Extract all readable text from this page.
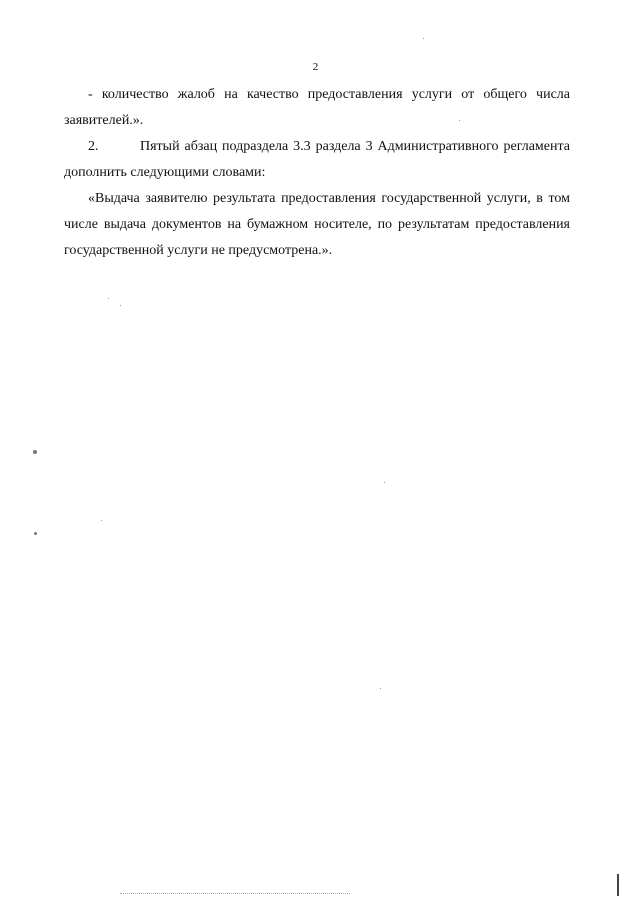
2

- количество жалоб на качество предоставления услуги от общего числа заявителей.».

2.	Пятый абзац подраздела 3.3 раздела 3 Административного регламента дополнить следующими словами:

«Выдача заявителю результата предоставления государственной услуги, в том числе выдача документов на бумажном носителе, по результатам предоставления государственной услуги не предусмотрена.».
